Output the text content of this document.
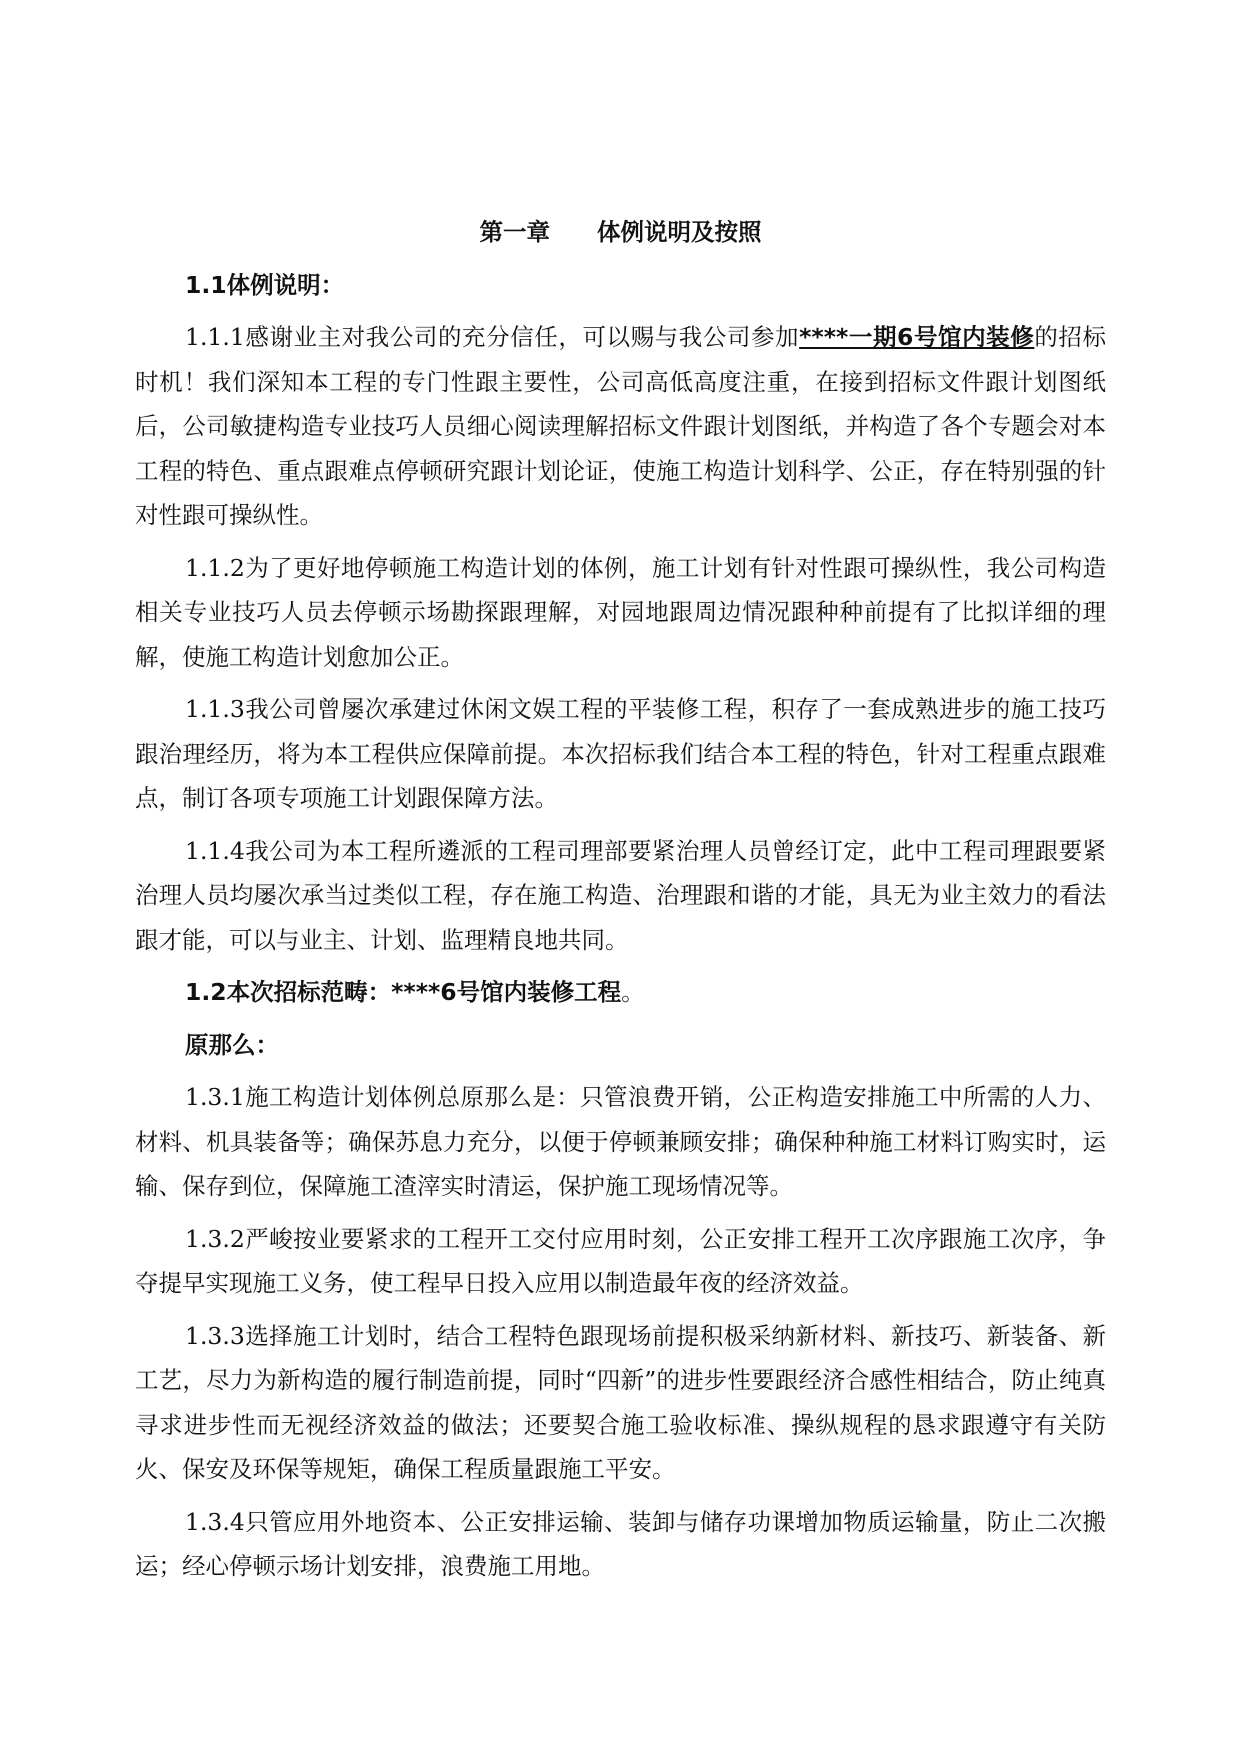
第一章　　体例说明及按照
1.1体例说明：

1.1.1感谢业主对我公司的充分信任，可以赐与我公司参加****一期6号馆内装修的招标时机！我们深知本工程的专门性跟主要性，公司高低高度注重，在接到招标文件跟计划图纸后，公司敏捷构造专业技巧人员细心阅读理解招标文件跟计划图纸，并构造了各个专题会对本工程的特色、重点跟难点停顿研究跟计划论证，使施工构造计划科学、公正，存在特别强的针对性跟可操纵性。

1.1.2为了更好地停顿施工构造计划的体例，施工计划有针对性跟可操纵性，我公司构造相关专业技巧人员去停顿示场勘探跟理解，对园地跟周边情况跟种种前提有了比拟详细的理解，使施工构造计划愈加公正。

1.1.3我公司曾屡次承建过休闲文娱工程的平装修工程，积存了一套成熟进步的施工技巧跟治理经历，将为本工程供应保障前提。本次招标我们结合本工程的特色，针对工程重点跟难点，制订各项专项施工计划跟保障方法。

1.1.4我公司为本工程所遴派的工程司理部要紧治理人员曾经订定，此中工程司理跟要紧治理人员均屡次承当过类似工程，存在施工构造、治理跟和谐的才能，具无为业主效力的看法跟才能，可以与业主、计划、监理精良地共同。

1.2本次招标范畴：****6号馆内装修工程。
原那么：

1.3.1施工构造计划体例总原那么是：只管浪费开销，公正构造安排施工中所需的人力、材料、机具装备等；确保苏息力充分，以便于停顿兼顾安排；确保种种施工材料订购实时，运输、保存到位，保障施工渣滓实时清运，保护施工现场情况等。

1.3.2严峻按业要紧求的工程开工交付应用时刻，公正安排工程开工次序跟施工次序，争夺提早实现施工义务，使工程早日投入应用以制造最年夜的经济效益。

1.3.3选择施工计划时，结合工程特色跟现场前提积极采纳新材料、新技巧、新装备、新工艺，尽力为新构造的履行制造前提，同时“四新”的进步性要跟经济合感性相结合，防止纯真寻求进步性而无视经济效益的做法；还要契合施工验收标准、操纵规程的恳求跟遵守有关防火、保安及环保等规矩，确保工程质量跟施工平安。

1.3.4只管应用外地资本、公正安排运输、装卸与储存功课增加物质运输量，防止二次搬运；经心停顿示场计划安排，浪费施工用地。
